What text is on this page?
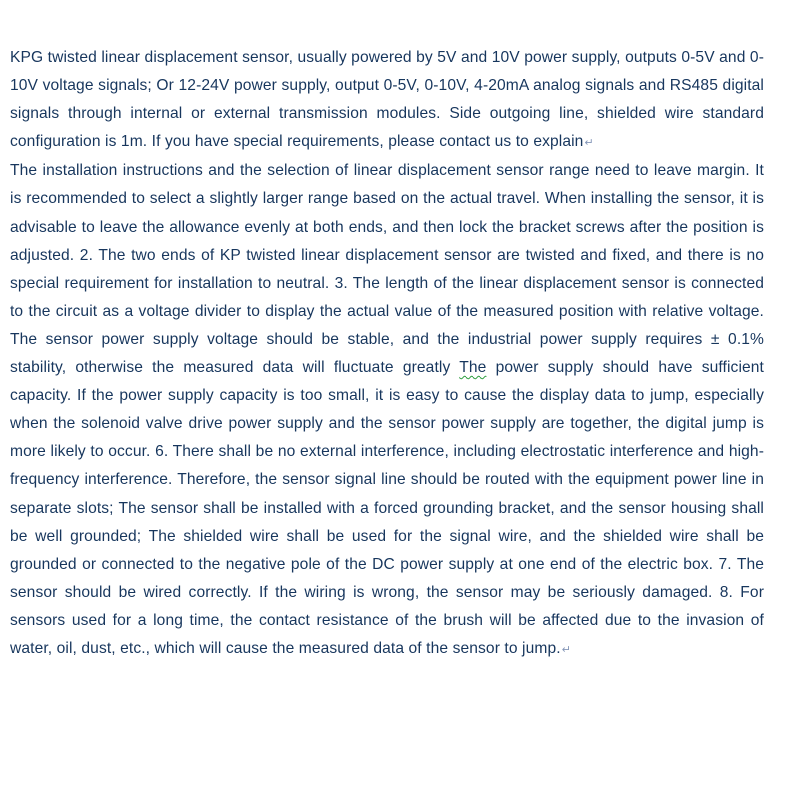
KPG twisted linear displacement sensor, usually powered by 5V and 10V power supply, outputs 0-5V and 0-10V voltage signals; Or 12-24V power supply, output 0-5V, 0-10V, 4-20mA analog signals and RS485 digital signals through internal or external transmission modules. Side outgoing line, shielded wire standard configuration is 1m. If you have special requirements, please contact us to explain↵

The installation instructions and the selection of linear displacement sensor range need to leave margin. It is recommended to select a slightly larger range based on the actual travel. When installing the sensor, it is advisable to leave the allowance evenly at both ends, and then lock the bracket screws after the position is adjusted. 2. The two ends of KP twisted linear displacement sensor are twisted and fixed, and there is no special requirement for installation to neutral. 3. The length of the linear displacement sensor is connected to the circuit as a voltage divider to display the actual value of the measured position with relative voltage. The sensor power supply voltage should be stable, and the industrial power supply requires ± 0.1% stability, otherwise the measured data will fluctuate greatly The power supply should have sufficient capacity. If the power supply capacity is too small, it is easy to cause the display data to jump, especially when the solenoid valve drive power supply and the sensor power supply are together, the digital jump is more likely to occur. 6. There shall be no external interference, including electrostatic interference and high-frequency interference. Therefore, the sensor signal line should be routed with the equipment power line in separate slots; The sensor shall be installed with a forced grounding bracket, and the sensor housing shall be well grounded; The shielded wire shall be used for the signal wire, and the shielded wire shall be grounded or connected to the negative pole of the DC power supply at one end of the electric box. 7. The sensor should be wired correctly. If the wiring is wrong, the sensor may be seriously damaged. 8. For sensors used for a long time, the contact resistance of the brush will be affected due to the invasion of water, oil, dust, etc., which will cause the measured data of the sensor to jump.↵
